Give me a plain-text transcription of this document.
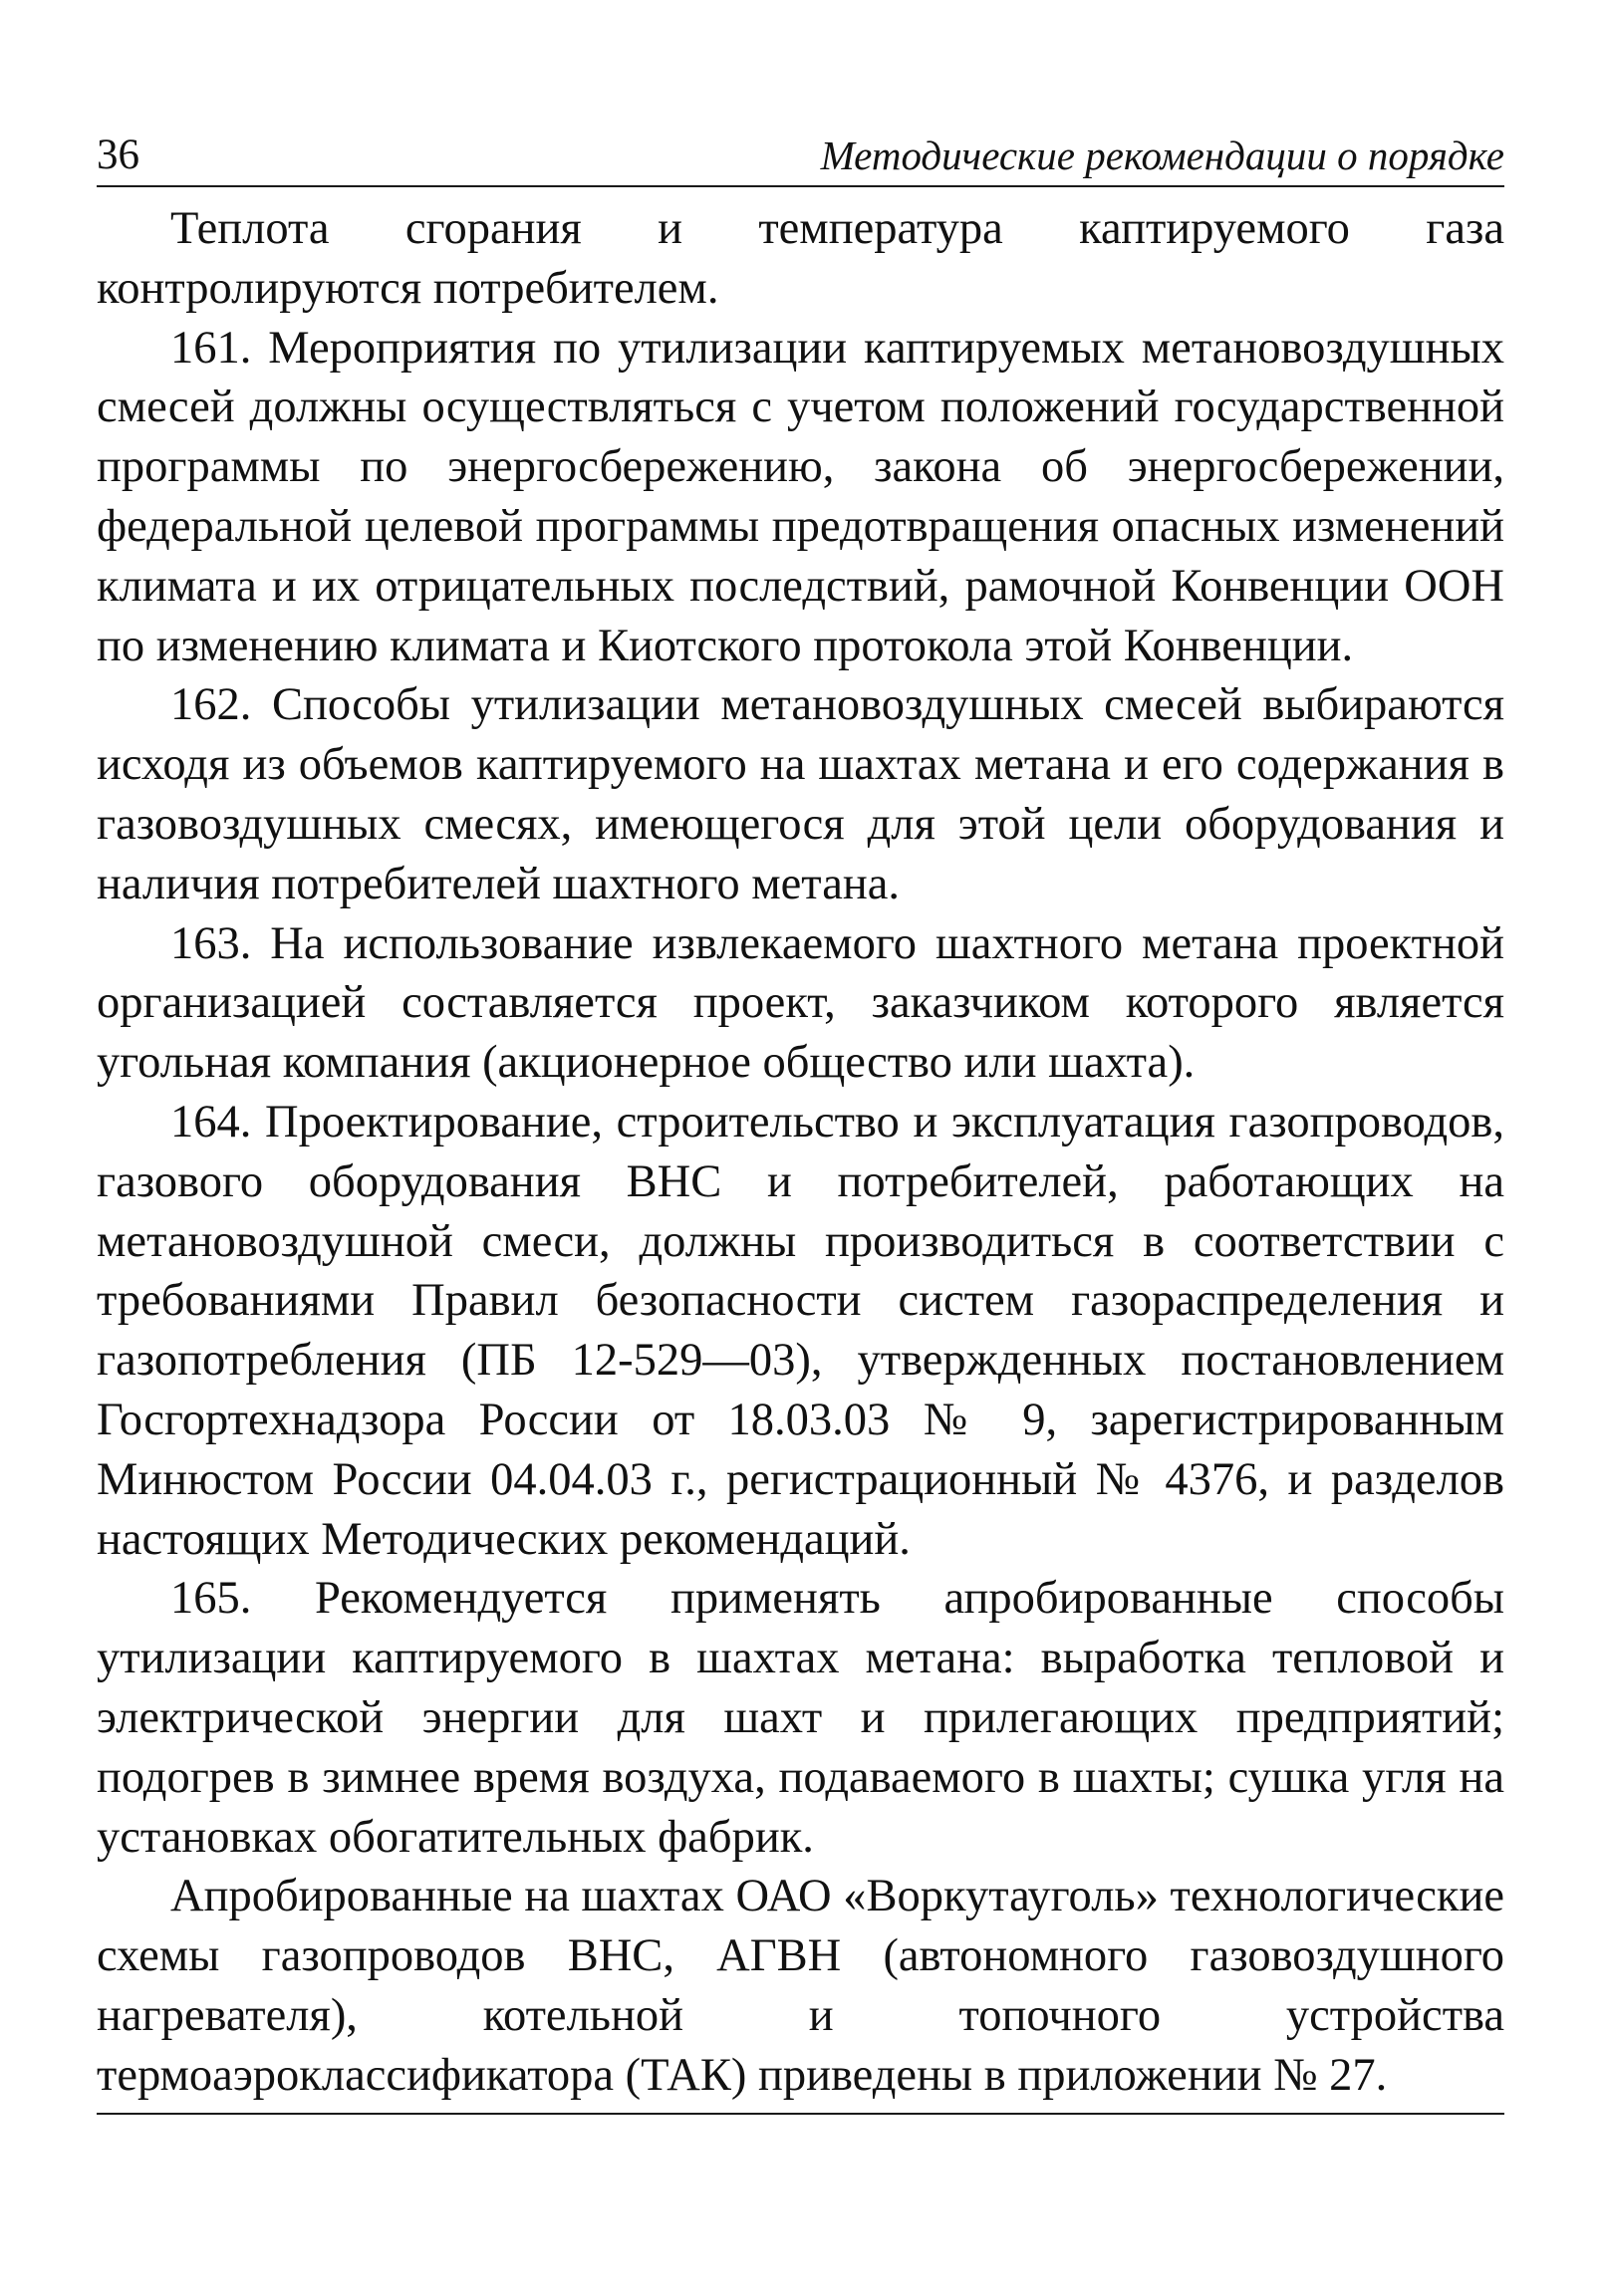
36	Методические рекомендации о порядке

Теплота сгорания и температура каптируемого газа контролируются потребителем.

161. Мероприятия по утилизации каптируемых метановоздушных смесей должны осуществляться с учетом положений государственной программы по энергосбережению, закона об энергосбережении, федеральной целевой программы предотвращения опасных изменений климата и их отрицательных последствий, рамочной Конвенции ООН по изменению климата и Киотского протокола этой Конвенции.

162. Способы утилизации метановоздушных смесей выбираются исходя из объемов каптируемого на шахтах метана и его содержания в газовоздушных смесях, имеющегося для этой цели оборудования и наличия потребителей шахтного метана.

163. На использование извлекаемого шахтного метана проектной организацией составляется проект, заказчиком которого является угольная компания (акционерное общество или шахта).

164. Проектирование, строительство и эксплуатация газопроводов, газового оборудования ВНС и потребителей, работающих на метановоздушной смеси, должны производиться в соответствии с требованиями Правил безопасности систем газораспределения и газопотребления (ПБ 12-529—03), утвержденных постановлением Госгортехнадзора России от 18.03.03 № 9, зарегистрированным Минюстом России 04.04.03 г., регистрационный № 4376, и разделов настоящих Методических рекомендаций.

165. Рекомендуется применять апробированные способы утилизации каптируемого в шахтах метана: выработка тепловой и электрической энергии для шахт и прилегающих предприятий; подогрев в зимнее время воздуха, подаваемого в шахты; сушка угля на установках обогатительных фабрик.

Апробированные на шахтах ОАО «Воркутауголь» технологические схемы газопроводов ВНС, АГВН (автономного газовоздушного нагревателя), котельной и топочного устройства термоаэроклассификатора (ТАК) приведены в приложении № 27.
